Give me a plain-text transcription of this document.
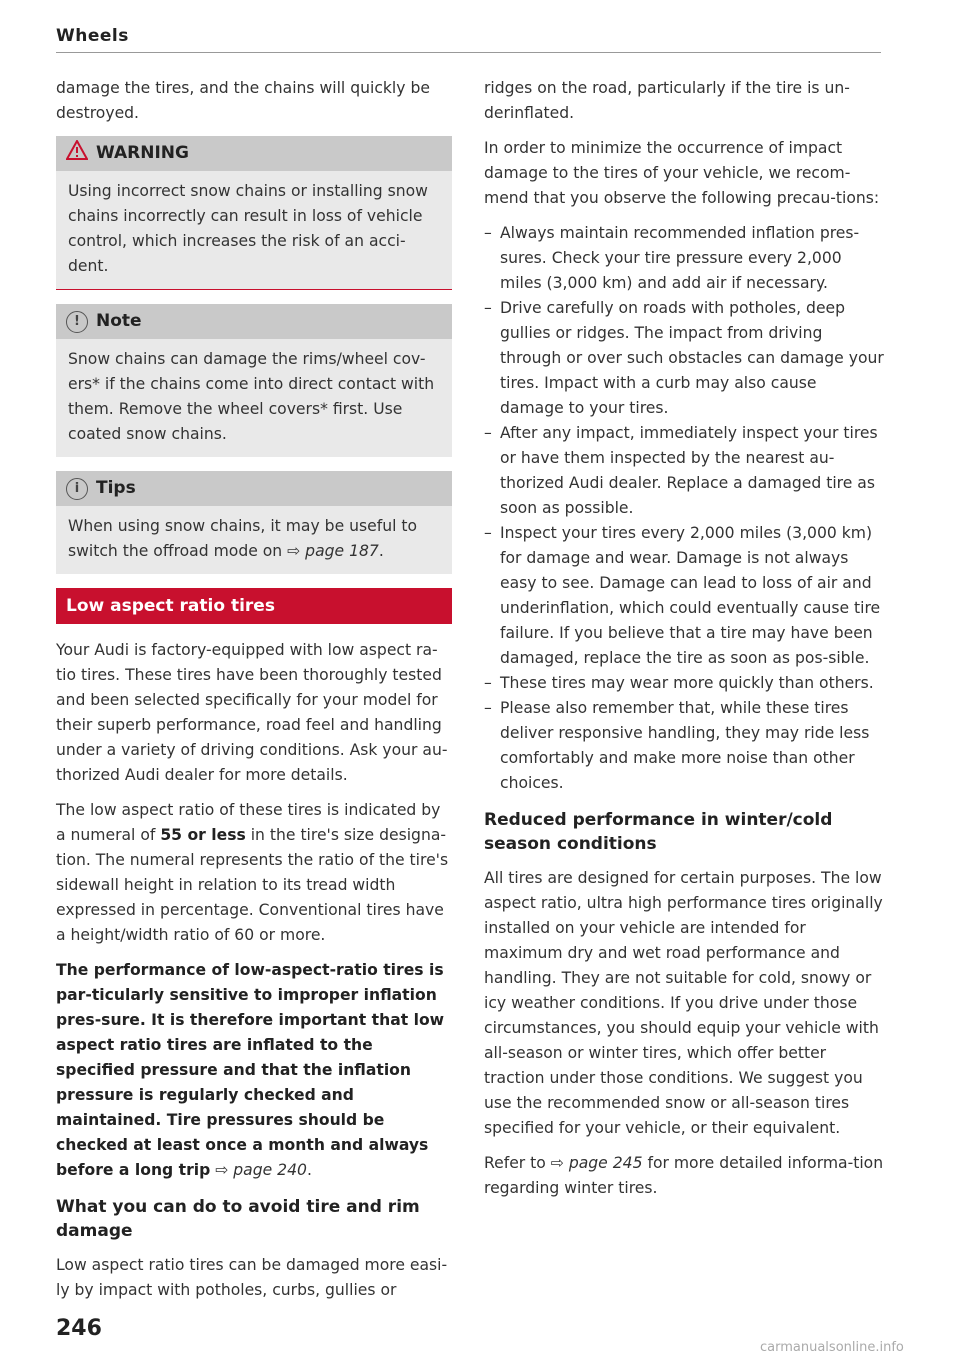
Wheels

damage the tires, and the chains will quickly be destroyed.

WARNING

Using incorrect snow chains or installing snow chains incorrectly can result in loss of vehicle control, which increases the risk of an acci-dent.

! Note

Snow chains can damage the rims/wheel cov-ers* if the chains come into direct contact with them. Remove the wheel covers* first. Use coated snow chains.

i Tips

When using snow chains, it may be useful to switch the offroad mode on ⇨ page 187.

Low aspect ratio tires

Your Audi is factory-equipped with low aspect ra-tio tires. These tires have been thoroughly tested and been selected specifically for your model for their superb performance, road feel and handling under a variety of driving conditions. Ask your au-thorized Audi dealer for more details.

The low aspect ratio of these tires is indicated by a numeral of 55 or less in the tire's size designa-tion. The numeral represents the ratio of the tire's sidewall height in relation to its tread width expressed in percentage. Conventional tires have a height/width ratio of 60 or more.

The performance of low-aspect-ratio tires is par-ticularly sensitive to improper inflation pres-sure. It is therefore important that low aspect ratio tires are inflated to the specified pressure and that the inflation pressure is regularly checked and maintained. Tire pressures should be checked at least once a month and always before a long trip ⇨ page 240.

What you can do to avoid tire and rim damage

Low aspect ratio tires can be damaged more easi-ly by impact with potholes, curbs, gullies or

ridges on the road, particularly if the tire is un-derinflated.

In order to minimize the occurrence of impact damage to the tires of your vehicle, we recom-mend that you observe the following precau-tions:

– Always maintain recommended inflation pres-sures. Check your tire pressure every 2,000 miles (3,000 km) and add air if necessary.
– Drive carefully on roads with potholes, deep gullies or ridges. The impact from driving through or over such obstacles can damage your tires. Impact with a curb may also cause damage to your tires.
– After any impact, immediately inspect your tires or have them inspected by the nearest au-thorized Audi dealer. Replace a damaged tire as soon as possible.
– Inspect your tires every 2,000 miles (3,000 km) for damage and wear. Damage is not always easy to see. Damage can lead to loss of air and underinflation, which could eventually cause tire failure. If you believe that a tire may have been damaged, replace the tire as soon as pos-sible.
– These tires may wear more quickly than others.
– Please also remember that, while these tires deliver responsive handling, they may ride less comfortably and make more noise than other choices.
Reduced performance in winter/cold season conditions

All tires are designed for certain purposes. The low aspect ratio, ultra high performance tires originally installed on your vehicle are intended for maximum dry and wet road performance and handling. They are not suitable for cold, snowy or icy weather conditions. If you drive under those circumstances, you should equip your vehicle with all-season or winter tires, which offer better traction under those conditions. We suggest you use the recommended snow or all-season tires specified for your vehicle, or their equivalent.

Refer to ⇨ page 245 for more detailed informa-tion regarding winter tires.

246
carmanualsonline.info
